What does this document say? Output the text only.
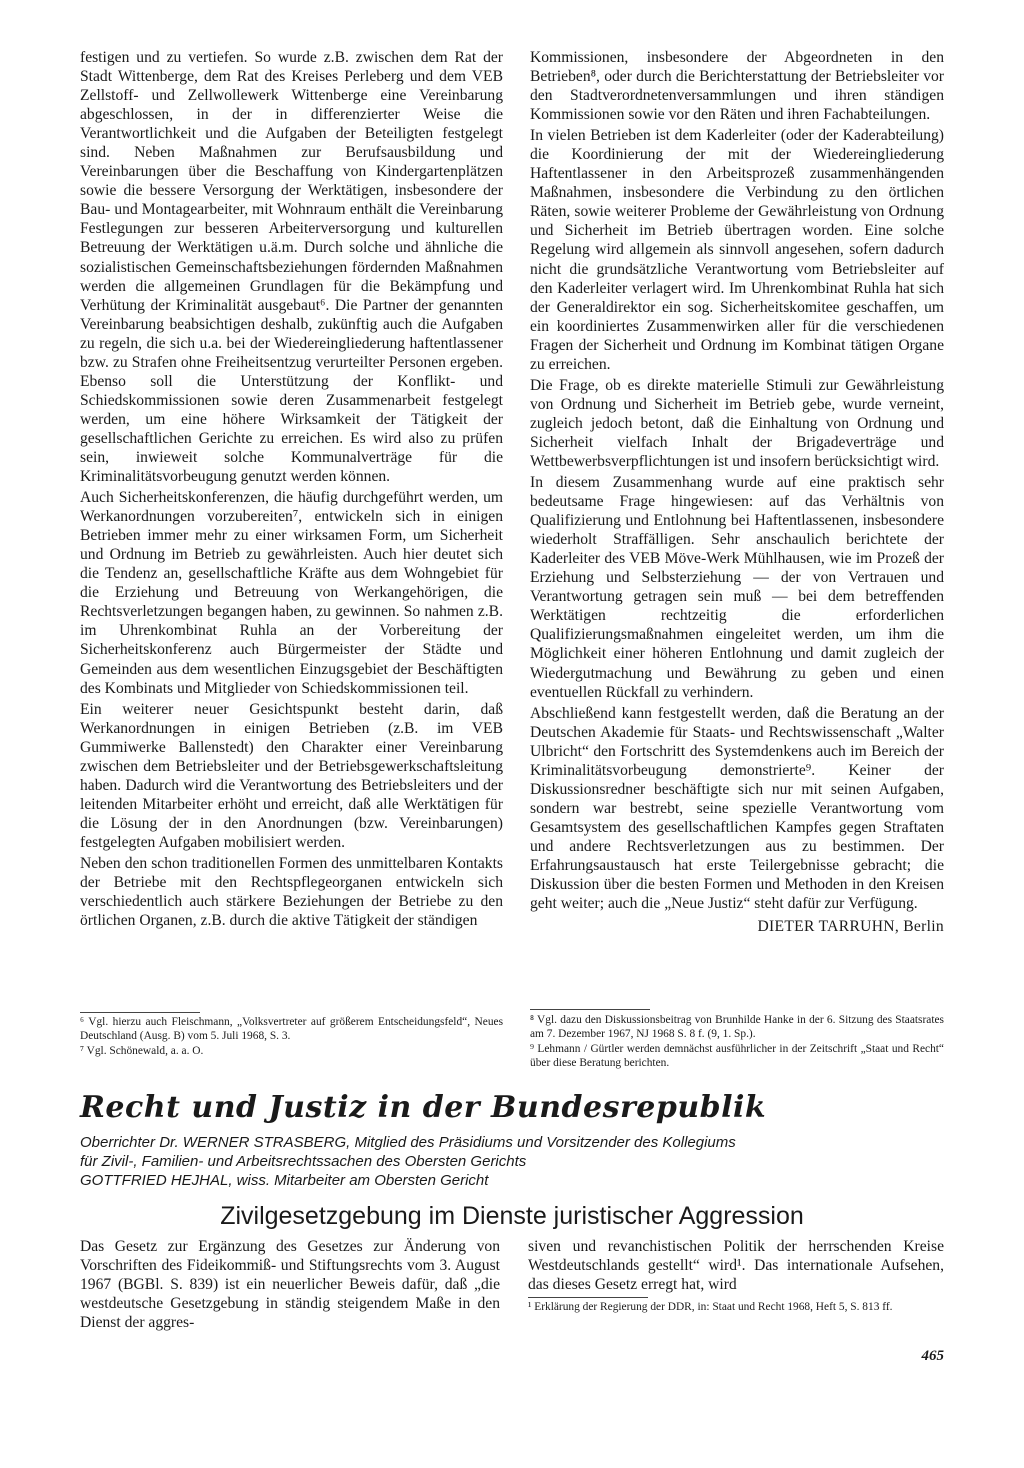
festigen und zu vertiefen. So wurde z.B. zwischen dem Rat der Stadt Wittenberge, dem Rat des Kreises Perleberg und dem VEB Zellstoff- und Zellwollewerk Wittenberge eine Vereinbarung abgeschlossen, in der in differenzierter Weise die Verantwortlichkeit und die Aufgaben der Beteiligten festgelegt sind. Neben Maßnahmen zur Berufsausbildung und Vereinbarungen über die Beschaffung von Kindergartenplätzen sowie die bessere Versorgung der Werktätigen, insbesondere der Bau- und Montagearbeiter, mit Wohnraum enthält die Vereinbarung Festlegungen zur besseren Arbeiterversorgung und kulturellen Betreuung der Werktätigen u.ä.m. Durch solche und ähnliche die sozialistischen Gemeinschaftsbeziehungen fördernden Maßnahmen werden die allgemeinen Grundlagen für die Bekämpfung und Verhütung der Kriminalität ausgebaut⁶. Die Partner der genannten Vereinbarung beabsichtigen deshalb, zukünftig auch die Aufgaben zu regeln, die sich u.a. bei der Wiedereingliederung haftentlassener bzw. zu Strafen ohne Freiheitsentzug verurteilter Personen ergeben. Ebenso soll die Unterstützung der Konflikt- und Schiedskommissionen sowie deren Zusammenarbeit festgelegt werden, um eine höhere Wirksamkeit der Tätigkeit der gesellschaftlichen Gerichte zu erreichen. Es wird also zu prüfen sein, inwieweit solche Kommunalverträge für die Kriminalitätsvorbeugung genutzt werden können.

Auch Sicherheitskonferenzen, die häufig durchgeführt werden, um Werkanordnungen vorzubereiten⁷, entwickeln sich in einigen Betrieben immer mehr zu einer wirksamen Form, um Sicherheit und Ordnung im Betrieb zu gewährleisten. Auch hier deutet sich die Tendenz an, gesellschaftliche Kräfte aus dem Wohngebiet für die Erziehung und Betreuung von Werkangehörigen, die Rechtsverletzungen begangen haben, zu gewinnen. So nahmen z.B. im Uhrenkombinat Ruhla an der Vorbereitung der Sicherheitskonferenz auch Bürgermeister der Städte und Gemeinden aus dem wesentlichen Einzugsgebiet der Beschäftigten des Kombinats und Mitglieder von Schiedskommissionen teil.

Ein weiterer neuer Gesichtspunkt besteht darin, daß Werkanordnungen in einigen Betrieben (z.B. im VEB Gummiwerke Ballenstedt) den Charakter einer Vereinbarung zwischen dem Betriebsleiter und der Betriebsgewerkschaftsleitung haben. Dadurch wird die Verantwortung des Betriebsleiters und der leitenden Mitarbeiter erhöht und erreicht, daß alle Werktätigen für die Lösung der in den Anordnungen (bzw. Vereinbarungen) festgelegten Aufgaben mobilisiert werden.

Neben den schon traditionellen Formen des unmittelbaren Kontakts der Betriebe mit den Rechtspflegeorganen entwickeln sich verschiedentlich auch stärkere Beziehungen der Betriebe zu den örtlichen Organen, z.B. durch die aktive Tätigkeit der ständigen

Kommissionen, insbesondere der Abgeordneten in den Betrieben⁸, oder durch die Berichterstattung der Betriebsleiter vor den Stadtverordnetenversammlungen und ihren ständigen Kommissionen sowie vor den Räten und ihren Fachabteilungen.

In vielen Betrieben ist dem Kaderleiter (oder der Kaderabteilung) die Koordinierung der mit der Wiedereingliederung Haftentlassener in den Arbeitsprozeß zusammenhängenden Maßnahmen, insbesondere die Verbindung zu den örtlichen Räten, sowie weiterer Probleme der Gewährleistung von Ordnung und Sicherheit im Betrieb übertragen worden. Eine solche Regelung wird allgemein als sinnvoll angesehen, sofern dadurch nicht die grundsätzliche Verantwortung vom Betriebsleiter auf den Kaderleiter verlagert wird. Im Uhrenkombinat Ruhla hat sich der Generaldirektor ein sog. Sicherheitskomitee geschaffen, um ein koordiniertes Zusammenwirken aller für die verschiedenen Fragen der Sicherheit und Ordnung im Kombinat tätigen Organe zu erreichen.

Die Frage, ob es direkte materielle Stimuli zur Gewährleistung von Ordnung und Sicherheit im Betrieb gebe, wurde verneint, zugleich jedoch betont, daß die Einhaltung von Ordnung und Sicherheit vielfach Inhalt der Brigadeverträge und Wettbewerbsverpflichtungen ist und insofern berücksichtigt wird.

In diesem Zusammenhang wurde auf eine praktisch sehr bedeutsame Frage hingewiesen: auf das Verhältnis von Qualifizierung und Entlohnung bei Haftentlassenen, insbesondere wiederholt Straffälligen. Sehr anschaulich berichtete der Kaderleiter des VEB Möve-Werk Mühlhausen, wie im Prozeß der Erziehung und Selbsterziehung — der von Vertrauen und Verantwortung getragen sein muß — bei dem betreffenden Werktätigen rechtzeitig die erforderlichen Qualifizierungsmaßnahmen eingeleitet werden, um ihm die Möglichkeit einer höheren Entlohnung und damit zugleich der Wiedergutmachung und Bewährung zu geben und einen eventuellen Rückfall zu verhindern.

Abschließend kann festgestellt werden, daß die Beratung an der Deutschen Akademie für Staats- und Rechtswissenschaft „Walter Ulbricht“ den Fortschritt des Systemdenkens auch im Bereich der Kriminalitätsvorbeugung demonstrierte⁹. Keiner der Diskussionsredner beschäftigte sich nur mit seinen Aufgaben, sondern war bestrebt, seine spezielle Verantwortung vom Gesamtsystem des gesellschaftlichen Kampfes gegen Straftaten und andere Rechtsverletzungen aus zu bestimmen. Der Erfahrungsaustausch hat erste Teilergebnisse gebracht; die Diskussion über die besten Formen und Methoden in den Kreisen geht weiter; auch die „Neue Justiz“ steht dafür zur Verfügung.

DIETER TARRUHN, Berlin

⁶ Vgl. hierzu auch Fleischmann, „Volksvertreter auf größerem Entscheidungsfeld“, Neues Deutschland (Ausg. B) vom 5. Juli 1968, S. 3.

⁷ Vgl. Schönewald, a. a. O.

⁸ Vgl. dazu den Diskussionsbeitrag von Brunhilde Hanke in der 6. Sitzung des Staatsrates am 7. Dezember 1967, NJ 1968 S. 8 f. (9, 1. Sp.).

⁹ Lehmann / Gürtler werden demnächst ausführlicher in der Zeitschrift „Staat und Recht“ über diese Beratung berichten.

Recht und Justiz in der Bundesrepublik
Oberrichter Dr. WERNER STRASBERG, Mitglied des Präsidiums und Vorsitzender des Kollegiums
für Zivil-, Familien- und Arbeitsrechtssachen des Obersten Gerichts
GOTTFRIED HEJHAL, wiss. Mitarbeiter am Obersten Gericht
Zivilgesetzgebung im Dienste juristischer Aggression

Das Gesetz zur Ergänzung des Gesetzes zur Änderung von Vorschriften des Fideikommiß- und Stiftungsrechts vom 3. August 1967 (BGBl. S. 839) ist ein neuerlicher Beweis dafür, daß „die westdeutsche Gesetzgebung in ständig steigendem Maße in den Dienst der aggres-

siven und revanchistischen Politik der herrschenden Kreise Westdeutschlands gestellt“ wird¹. Das internationale Aufsehen, das dieses Gesetz erregt hat, wird

¹ Erklärung der Regierung der DDR, in: Staat und Recht 1968, Heft 5, S. 813 ff.

465
